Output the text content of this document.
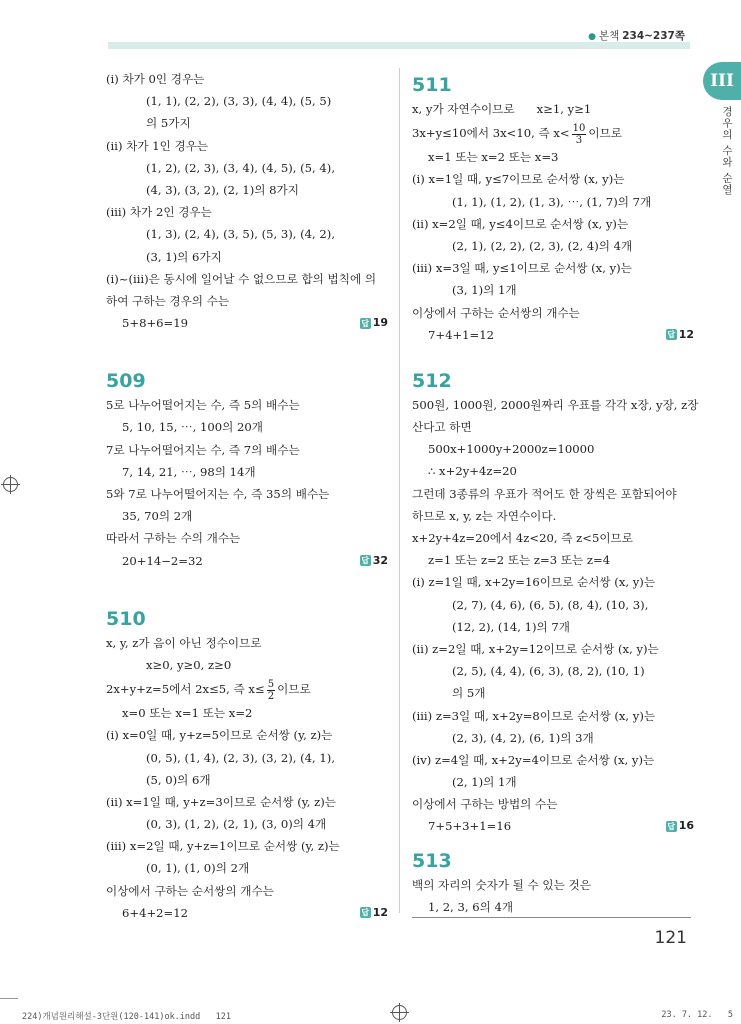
● 본책 234~237쪽
III
경우의 수와 순열
(ⅰ) 차가 0인 경우는
(1, 1), (2, 2), (3, 3), (4, 4), (5, 5)
의 5가지
(ⅱ) 차가 1인 경우는
(1, 2), (2, 3), (3, 4), (4, 5), (5, 4),
(4, 3), (3, 2), (2, 1)의 8가지
(ⅲ) 차가 2인 경우는
(1, 3), (2, 4), (3, 5), (5, 3), (4, 2),
(3, 1)의 6가지
(ⅰ)~(ⅲ)은 동시에 일어날 수 없으므로 합의 법칙에 의
하여 구하는 경우의 수는
5+8+6=19	답 19
509
5로 나누어떨어지는 수, 즉 5의 배수는
5, 10, 15, ⋯, 100의 20개
7로 나누어떨어지는 수, 즉 7의 배수는
7, 14, 21, ⋯, 98의 14개
5와 7로 나누어떨어지는 수, 즉 35의 배수는
35, 70의 2개
따라서 구하는 수의 개수는
20+14−2=32	답 32
510
x, y, z가 음이 아닌 정수이므로
x≥0, y≥0, z≥0
2x+y+z=5에서 2x≤5, 즉 $x\le \frac{5}{2}$ 이므로
x=0 또는 x=1 또는 x=2
(ⅰ) x=0일 때, y+z=5이므로 순서쌍 (y, z)는
(0, 5), (1, 4), (2, 3), (3, 2), (4, 1),
(5, 0)의 6개
(ⅱ) x=1일 때, y+z=3이므로 순서쌍 (y, z)는
(0, 3), (1, 2), (2, 1), (3, 0)의 4개
(ⅲ) x=2일 때, y+z=1이므로 순서쌍 (y, z)는
(0, 1), (1, 0)의 2개
이상에서 구하는 순서쌍의 개수는
6+4+2=12	답 12
511
x, y가 자연수이므로      x≥1, y≥1
3x+y≤10에서 3x<10, 즉 $x< \frac{10}{3}$ 이므로
x=1 또는 x=2 또는 x=3
(ⅰ) x=1일 때, y≤7이므로 순서쌍 (x, y)는
(1, 1), (1, 2), (1, 3), ⋯, (1, 7)의 7개
(ⅱ) x=2일 때, y≤4이므로 순서쌍 (x, y)는
(2, 1), (2, 2), (2, 3), (2, 4)의 4개
(ⅲ) x=3일 때, y≤1이므로 순서쌍 (x, y)는
(3, 1)의 1개
이상에서 구하는 순서쌍의 개수는
7+4+1=12	답 12
512
500원, 1000원, 2000원짜리 우표를 각각 x장, y장, z장
산다고 하면
500x+1000y+2000z=10000
∴ x+2y+4z=20
그런데 3종류의 우표가 적어도 한 장씩은 포함되어야
하므로 x, y, z는 자연수이다.
x+2y+4z=20에서 4z<20, 즉 z<5이므로
z=1 또는 z=2 또는 z=3 또는 z=4
(ⅰ) z=1일 때, x+2y=16이므로 순서쌍 (x, y)는
(2, 7), (4, 6), (6, 5), (8, 4), (10, 3),
(12, 2), (14, 1)의 7개
(ⅱ) z=2일 때, x+2y=12이므로 순서쌍 (x, y)는
(2, 5), (4, 4), (6, 3), (8, 2), (10, 1)
의 5개
(ⅲ) z=3일 때, x+2y=8이므로 순서쌍 (x, y)는
(2, 3), (4, 2), (6, 1)의 3개
(ⅳ) z=4일 때, x+2y=4이므로 순서쌍 (x, y)는
(2, 1)의 1개
이상에서 구하는 방법의 수는
7+5+3+1=16	답 16
513
백의 자리의 숫자가 될 수 있는 것은
1, 2, 3, 6의 4개
121
224)개념원리해설-3단원(120-141)ok.indd   121	23. 7. 12.   5
